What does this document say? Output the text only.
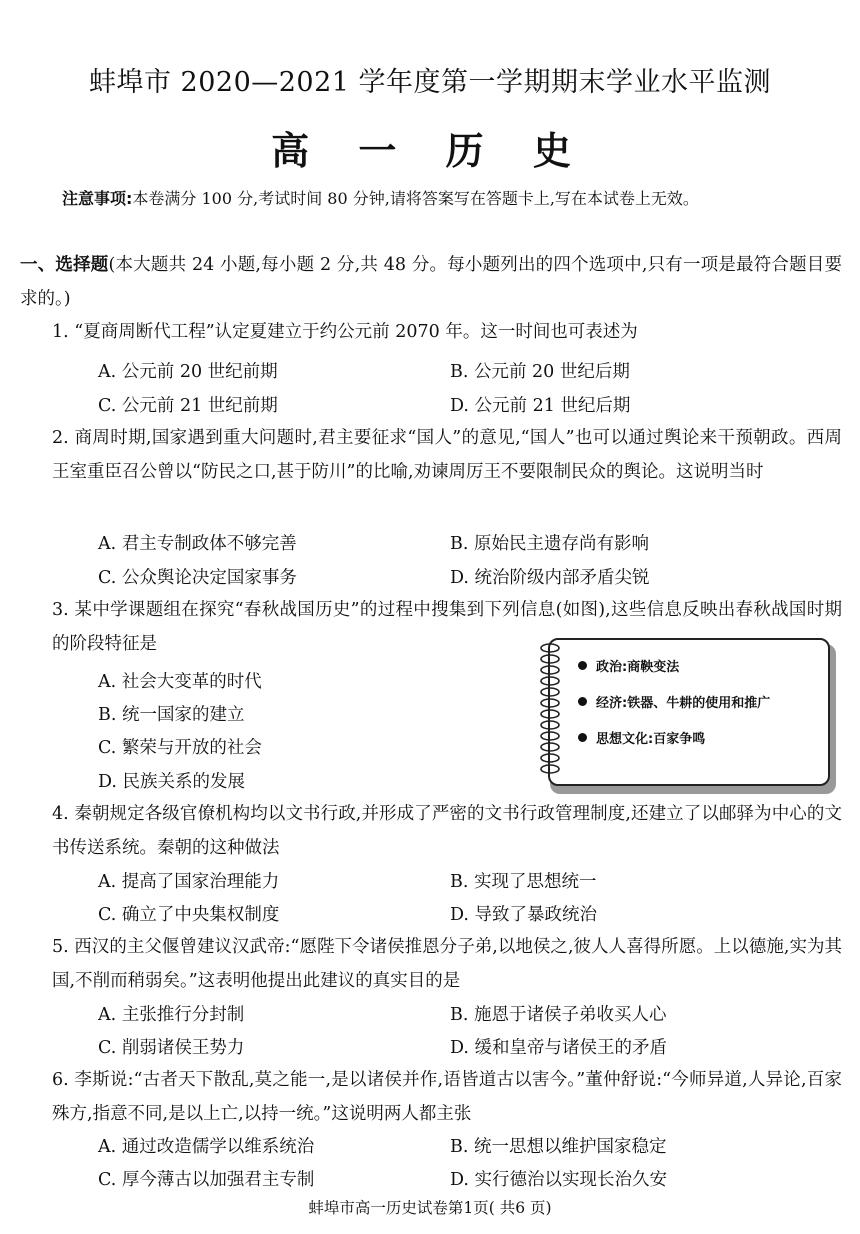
蚌埠市 2020—2021 学年度第一学期期末学业水平监测
高 一 历 史
注意事项:本卷满分 100 分,考试时间 80 分钟,请将答案写在答题卡上,写在本试卷上无效。
一、选择题(本大题共 24 小题,每小题 2 分,共 48 分。每小题列出的四个选项中,只有一项是最符合题目要求的。)
1. “夏商周断代工程”认定夏建立于约公元前 2070 年。这一时间也可表述为
A. 公元前 20 世纪前期	B. 公元前 20 世纪后期
C. 公元前 21 世纪前期	D. 公元前 21 世纪后期
2. 商周时期,国家遇到重大问题时,君主要征求“国人”的意见,“国人”也可以通过舆论来干预朝政。西周王室重臣召公曾以“防民之口,甚于防川”的比喻,劝谏周厉王不要限制民众的舆论。这说明当时
A. 君主专制政体不够完善	B. 原始民主遗存尚有影响
C. 公众舆论决定国家事务	D. 统治阶级内部矛盾尖锐
3. 某中学课题组在探究“春秋战国历史”的过程中搜集到下列信息(如图),这些信息反映出春秋战国时期的阶段特征是
A. 社会大变革的时代
B. 统一国家的建立
C. 繁荣与开放的社会
D. 民族关系的发展
政治:商鞅变法
经济:铁器、牛耕的使用和推广
思想文化:百家争鸣
4. 秦朝规定各级官僚机构均以文书行政,并形成了严密的文书行政管理制度,还建立了以邮驿为中心的文书传送系统。秦朝的这种做法
A. 提高了国家治理能力	B. 实现了思想统一
C. 确立了中央集权制度	D. 导致了暴政统治
5. 西汉的主父偃曾建议汉武帝:“愿陛下令诸侯推恩分子弟,以地侯之,彼人人喜得所愿。上以德施,实为其国,不削而稍弱矣。”这表明他提出此建议的真实目的是
A. 主张推行分封制	B. 施恩于诸侯子弟收买人心
C. 削弱诸侯王势力	D. 缓和皇帝与诸侯王的矛盾
6. 李斯说:“古者天下散乱,莫之能一,是以诸侯并作,语皆道古以害今。”董仲舒说:“今师异道,人异论,百家殊方,指意不同,是以上亡,以持一统。”这说明两人都主张
A. 通过改造儒学以维系统治	B. 统一思想以维护国家稳定
C. 厚今薄古以加强君主专制	D. 实行德治以实现长治久安
蚌埠市高一历史试卷第1页( 共6 页)
